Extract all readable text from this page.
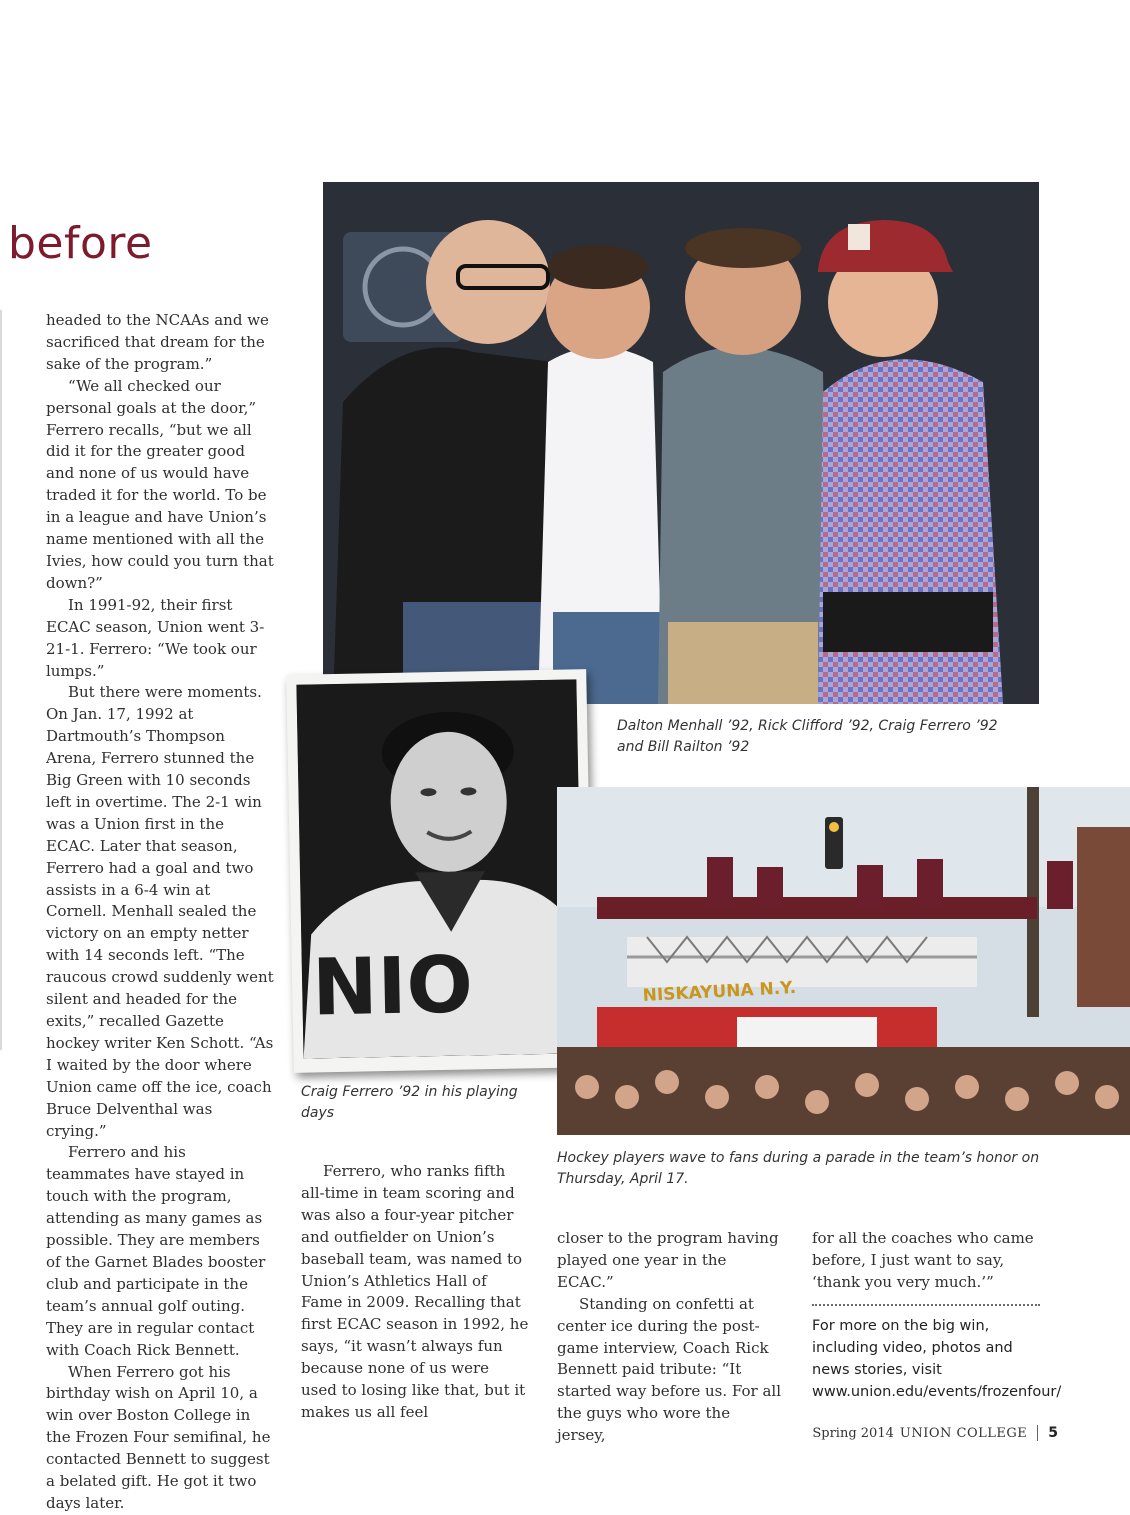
before
NIO	NISKAYUNA N.Y.
Dalton Menhall ’92, Rick Clifford ’92, Craig Ferrero ’92 and Bill Railton ’92
Craig Ferrero ’92 in his playing days
Hockey players wave to fans during a parade in the team’s honor on Thursday, April 17.

headed to the NCAAs and we sacrificed that dream for the sake of the program.”

“We all checked our personal goals at the door,” Ferrero recalls, “but we all did it for the greater good and none of us would have traded it for the world. To be in a league and have Union’s name mentioned with all the Ivies, how could you turn that down?”

In 1991-92, their first ECAC season, Union went 3-21-1. Ferrero: “We took our lumps.”

But there were moments. On Jan. 17, 1992 at Dartmouth’s Thompson Arena, Ferrero stunned the Big Green with 10 seconds left in overtime. The 2-1 win was a Union first in the ECAC. Later that season, Ferrero had a goal and two assists in a 6-4 win at Cornell. Menhall sealed the victory on an empty netter with 14 seconds left. “The raucous crowd suddenly went silent and headed for the exits,” recalled Gazette hockey writer Ken Schott. “As I waited by the door where Union came off the ice, coach Bruce Delventhal was crying.”

Ferrero and his teammates have stayed in touch with the program, attending as many games as possible. They are members of the Garnet Blades booster club and participate in the team’s annual golf outing. They are in regular contact with Coach Rick Bennett.

When Ferrero got his birthday wish on April 10, a win over Boston College in the Frozen Four semifinal, he contacted Bennett to suggest a belated gift. He got it two days later.

Ferrero, who ranks fifth all-time in team scoring and was also a four-year pitcher and outfielder on Union’s baseball team, was named to Union’s Athletics Hall of Fame in 2009. Recalling that first ECAC season in 1992, he says, “it wasn’t always fun because none of us were used to losing like that, but it makes us all feel

closer to the program having played one year in the ECAC.”

Standing on confetti at center ice during the post-game interview, Coach Rick Bennett paid tribute: “It started way before us. For all the guys who wore the jersey,

for all the coaches who came before, I just want to say, ‘thank you very much.’”

For more on the big win, including video, photos and news stories, visit www.union.edu/events/frozenfour/
Spring 2014 UNION COLLEGE 5
